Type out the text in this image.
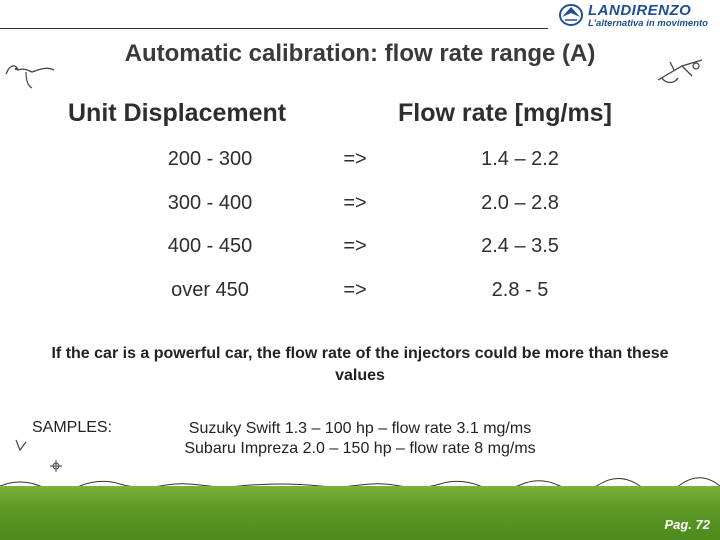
LANDIRENZO
L'alternativa in movimento
Automatic calibration: flow rate range (A)
Unit Displacement	Flow rate [mg/ms]
200 - 300	=>	1.4 – 2.2
300 - 400	=>	2.0 – 2.8
400 - 450	=>	2.4 – 3.5
over 450	=>	2.8 - 5
If the car is a powerful car, the flow rate of the injectors could be more than these values
SAMPLES:	Suzuky Swift 1.3 – 100 hp – flow rate 3.1 mg/ms
Subaru Impreza 2.0 – 150 hp – flow rate 8 mg/ms
Pag. 72
